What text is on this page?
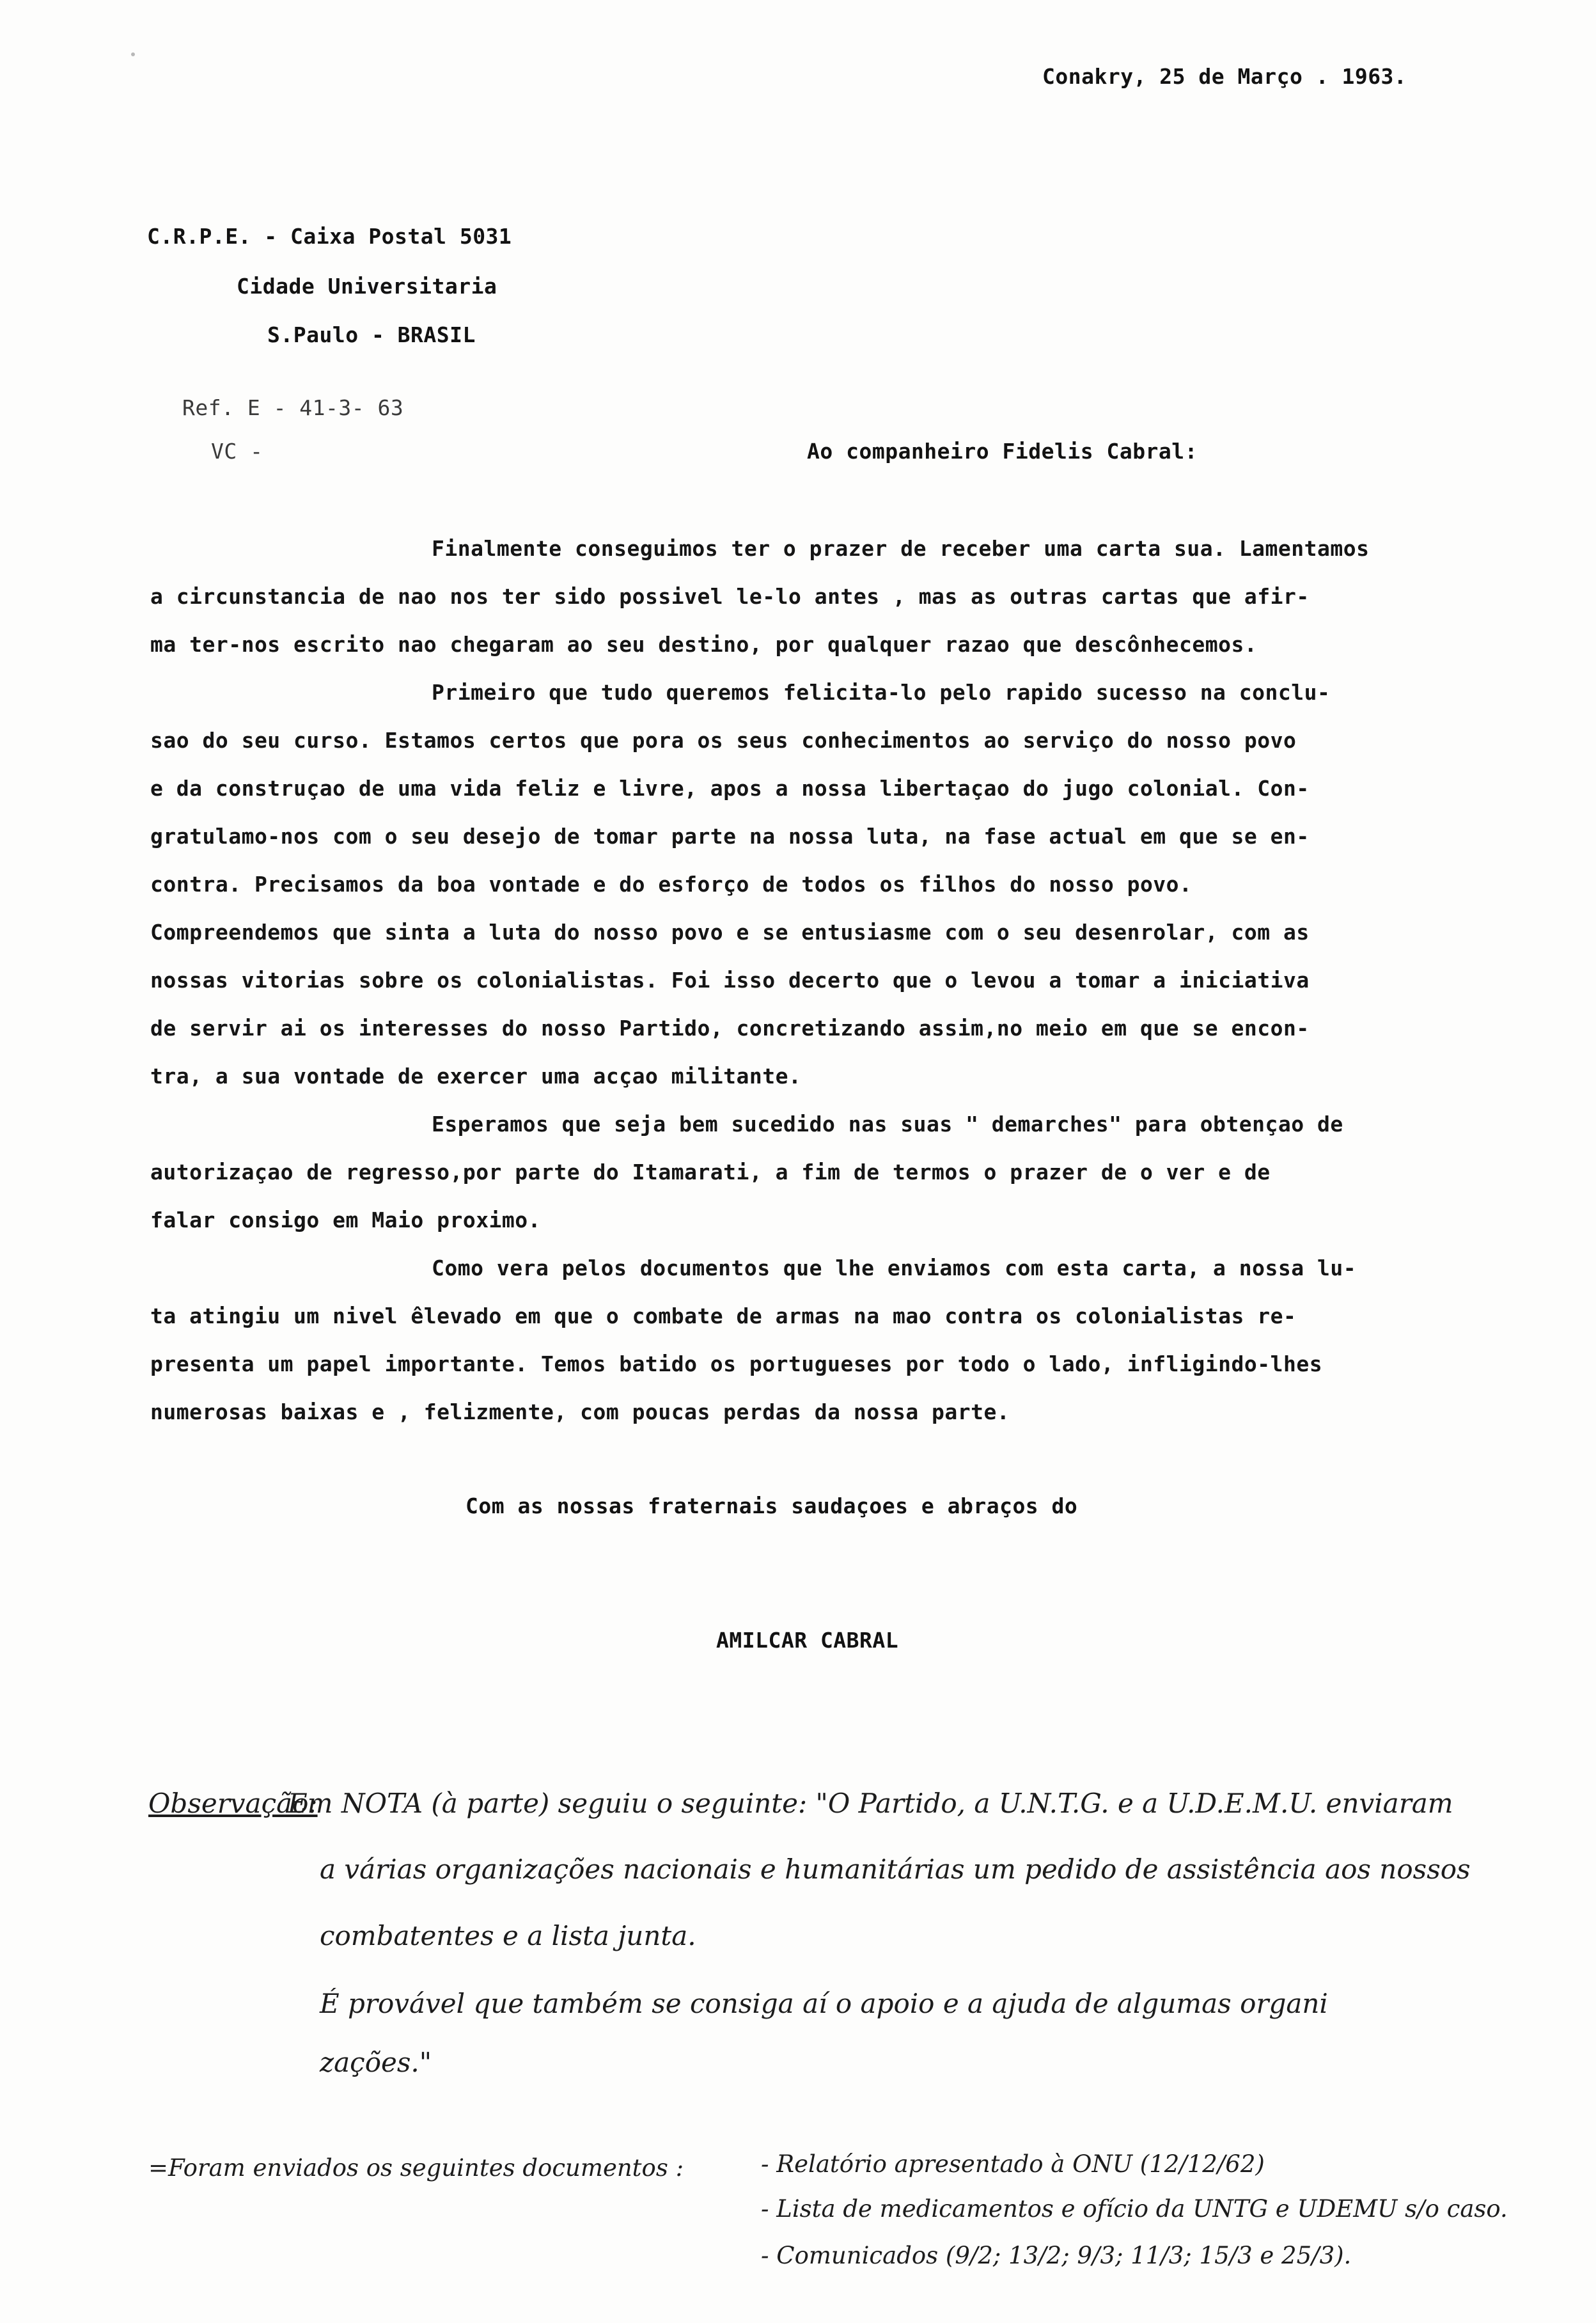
Conakry, 25 de Março . 1963.
C.R.P.E. - Caixa Postal 5031
Cidade Universitaria
S.Paulo - BRASIL
Ref. E - 41-3- 63
VC -	Ao companheiro Fidelis Cabral:
Finalmente conseguimos ter o prazer de receber uma carta sua. Lamentamos
a circunstancia de nao nos ter sido possivel le-lo antes , mas as outras cartas que afir-
ma ter-nos escrito nao chegaram ao seu destino, por qualquer razao que descônhecemos.
Primeiro que tudo queremos felicita-lo pelo rapido sucesso na conclu-
sao do seu curso. Estamos certos que pora os seus conhecimentos ao serviço do nosso povo
e da construçao de uma vida feliz e livre, apos a nossa libertaçao do jugo colonial. Con-
gratulamo-nos com o seu desejo de tomar parte na nossa luta, na fase actual em que se en-
contra. Precisamos da boa vontade e do esforço de todos os filhos do nosso povo.
Compreendemos que sinta a luta do nosso povo e se entusiasme com o seu desenrolar, com as
nossas vitorias sobre os colonialistas. Foi isso decerto que o levou a tomar a iniciativa
de servir ai os interesses do nosso Partido, concretizando assim,no meio em que se encon-
tra, a sua vontade de exercer uma acçao militante.
Esperamos que seja bem sucedido nas suas " demarches" para obtençao de
autorizaçao de regresso,por parte do Itamarati, a fim de termos o prazer de o ver e de
falar consigo em Maio proximo.
Como vera pelos documentos que lhe enviamos com esta carta, a nossa lu-
ta atingiu um nivel êlevado em que o combate de armas na mao contra os colonialistas re-
presenta um papel importante. Temos batido os portugueses por todo o lado, infligindo-lhes
numerosas baixas e , felizmente, com poucas perdas da nossa parte.
Com as nossas fraternais saudaçoes e abraços do
AMILCAR CABRAL
Observação:
Em NOTA (à parte) seguiu o seguinte: "O Partido, a U.N.T.G. e a U.D.E.M.U. enviaram
a várias organizações nacionais e humanitárias um pedido de assistência aos nossos
combatentes e a lista junta.
É provável que também se consiga aí o apoio e a ajuda de algumas organi
zações."
=Foram enviados os seguintes documentos :	- Relatório apresentado à ONU (12/12/62)
- Lista de medicamentos e ofício da UNTG e UDEMU s/o caso.
- Comunicados (9/2; 13/2; 9/3; 11/3; 15/3 e 25/3).
